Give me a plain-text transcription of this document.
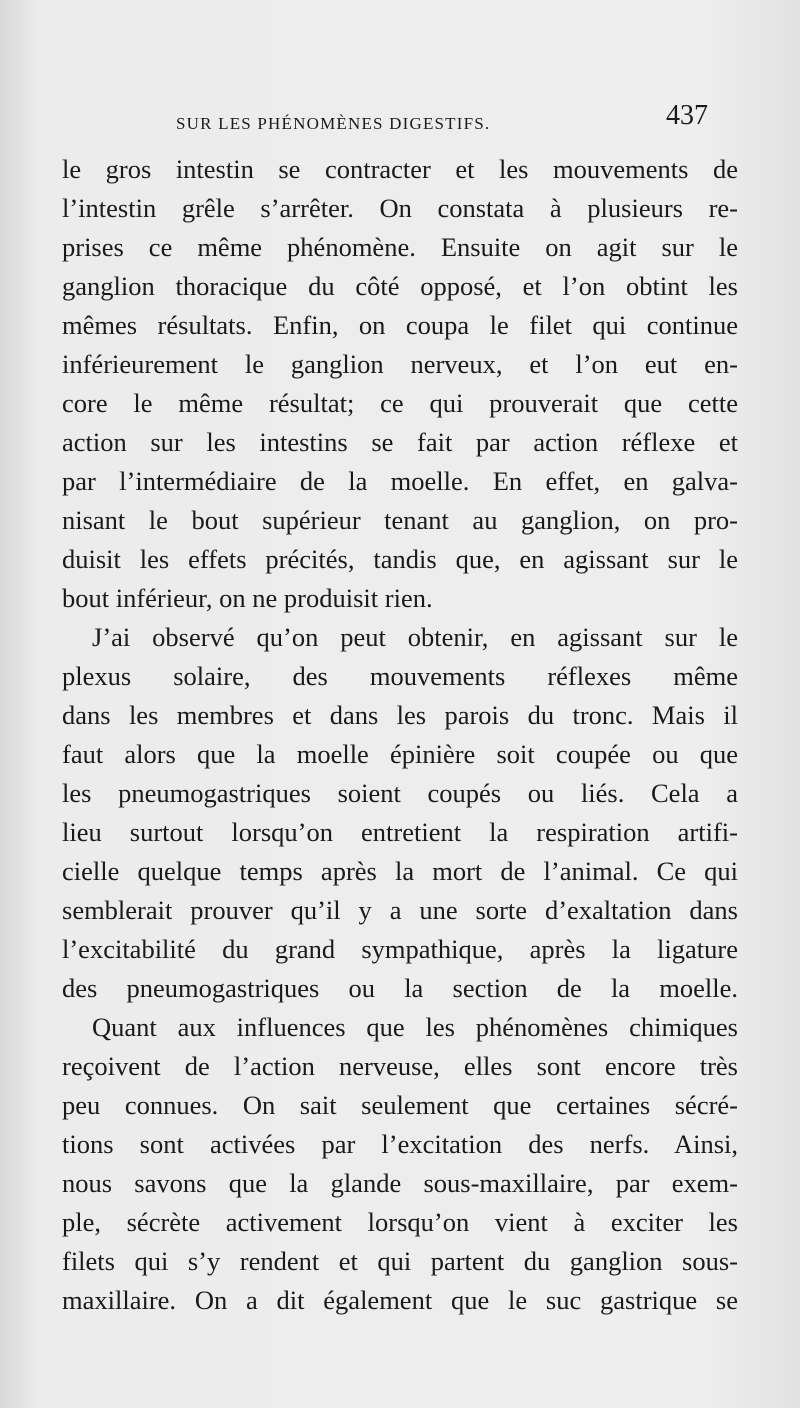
SUR LES PHÉNOMÈNES DIGESTIFS.	437
le gros intestin se contracter et les mouvements de
l’intestin grêle s’arrêter. On constata à plusieurs re-
prises ce même phénomène. Ensuite on agit sur le
ganglion thoracique du côté opposé, et l’on obtint les
mêmes résultats. Enfin, on coupa le filet qui continue
inférieurement le ganglion nerveux, et l’on eut en-
core le même résultat; ce qui prouverait que cette
action sur les intestins se fait par action réflexe et
par l’intermédiaire de la moelle. En effet, en galva-
nisant le bout supérieur tenant au ganglion, on pro-
duisit les effets précités, tandis que, en agissant sur le
bout inférieur, on ne produisit rien.
J’ai observé qu’on peut obtenir, en agissant sur le
plexus solaire, des mouvements réflexes même
dans les membres et dans les parois du tronc. Mais il
faut alors que la moelle épinière soit coupée ou que
les pneumogastriques soient coupés ou liés. Cela a
lieu surtout lorsqu’on entretient la respiration artifi-
cielle quelque temps après la mort de l’animal. Ce qui
semblerait prouver qu’il y a une sorte d’exaltation dans
l’excitabilité du grand sympathique, après la ligature
des pneumogastriques ou la section de la moelle.
Quant aux influences que les phénomènes chimiques
reçoivent de l’action nerveuse, elles sont encore très
peu connues. On sait seulement que certaines sécré-
tions sont activées par l’excitation des nerfs. Ainsi,
nous savons que la glande sous-maxillaire, par exem-
ple, sécrète activement lorsqu’on vient à exciter les
filets qui s’y rendent et qui partent du ganglion sous-
maxillaire. On a dit également que le suc gastrique se
